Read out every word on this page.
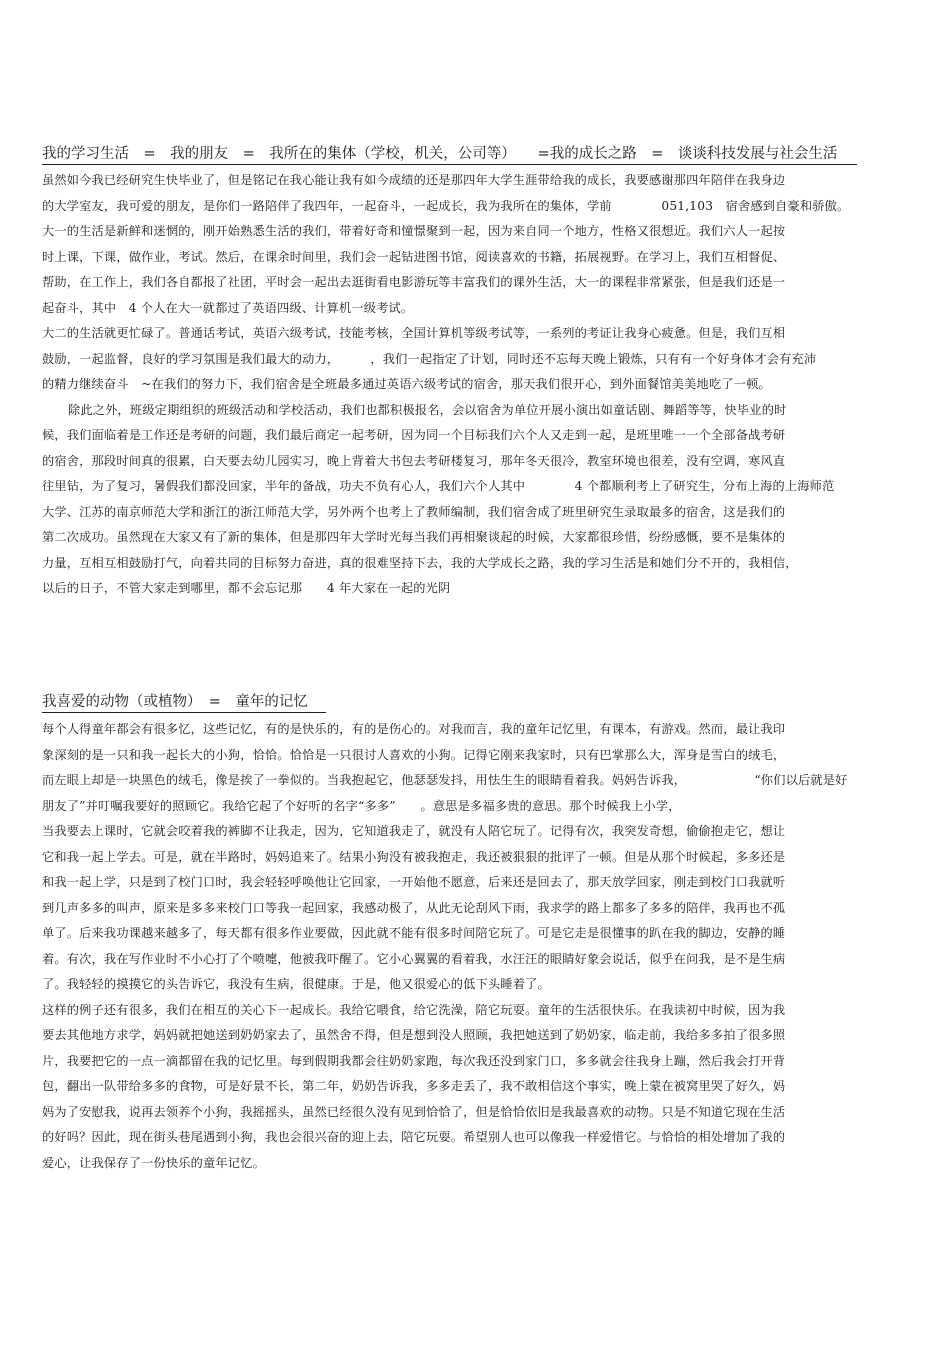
我的学习生活　=　我的朋友　=　我所在的集体（学校，机关，公司等）　　=我的成长之路　=　谈谈科技发展与社会生活
虽然如今我已经研究生快毕业了，但是铭记在我心能让我有如今成绩的还是那四年大学生涯带给我的成长，我要感谢那四年陪伴在我身边
的大学室友，我可爱的朋友，是你们一路陪伴了我四年，一起奋斗，一起成长，我为我所在的集体，学前　　　　051,103　宿舍感到自豪和骄傲。
大一的生活是新鲜和迷惘的，刚开始熟悉生活的我们，带着好奇和憧憬聚到一起，因为来自同一个地方，性格又很想近。我们六人一起按
时上课，下课，做作业，考试。然后，在课余时间里，我们会一起钻进图书馆，阅读喜欢的书籍，拓展视野。在学习上，我们互相督促、
帮助，在工作上，我们各自都报了社团，平时会一起出去逛街看电影游玩等丰富我们的课外生活，大一的课程非常紧张，但是我们还是一
起奋斗，其中　4 个人在大一就都过了英语四级、计算机一级考试。
大二的生活就更忙碌了。普通话考试，英语六级考试，技能考核，全国计算机等级考试等，一系列的考证让我身心疲惫。但是，我们互相
鼓励，一起监督，良好的学习氛围是我们最大的动力，　　　，我们一起指定了计划，同时还不忘每天晚上锻炼，只有有一个好身体才会有充沛
的精力继续奋斗　~在我们的努力下，我们宿舍是全班最多通过英语六级考试的宿舍，那天我们很开心，到外面餐馆美美地吃了一顿。
除此之外，班级定期组织的班级活动和学校活动，我们也都积极报名，会以宿舍为单位开展小演出如童话剧、舞蹈等等，快毕业的时
候，我们面临着是工作还是考研的问题，我们最后商定一起考研，因为同一个目标我们六个人又走到一起，是班里唯一一个全部备战考研
的宿舍，那段时间真的很累，白天要去幼儿园实习，晚上背着大书包去考研楼复习，那年冬天很冷，教室环境也很差，没有空调，寒风直
往里钻，为了复习，暑假我们都没回家，半年的备战，功夫不负有心人，我们六个人其中　　　　4 个都顺利考上了研究生，分布上海的上海师范
大学、江苏的南京师范大学和浙江的浙江师范大学，另外两个也考上了教师编制，我们宿舍成了班里研究生录取最多的宿舍，这是我们的
第二次成功。虽然现在大家又有了新的集体，但是那四年大学时光每当我们再相聚谈起的时候，大家都很珍惜，纷纷感慨，要不是集体的
力量，互相互相鼓励打气，向着共同的目标努力奋进，真的很难坚持下去，我的大学成长之路，我的学习生活是和她们分不开的，我相信，
以后的日子，不管大家走到哪里，都不会忘记那　　4 年大家在一起的光阴
我喜爱的动物（或植物）　=　童年的记忆
每个人得童年都会有很多忆，这些记忆，有的是快乐的，有的是伤心的。对我而言，我的童年记忆里，有课本，有游戏。然而，最让我印
象深刻的是一只和我一起长大的小狗，恰恰。恰恰是一只很讨人喜欢的小狗。记得它刚来我家时，只有巴掌那么大，浑身是雪白的绒毛，
而左眼上却是一块黑色的绒毛，像是挨了一拳似的。当我抱起它，他瑟瑟发抖，用怯生生的眼睛看着我。妈妈告诉我，　　　　　　“你们以后就是好
朋友了”并叮嘱我要好的照顾它。我给它起了个好听的名字“多多”　　。意思是多福多贵的意思。那个时候我上小学，
当我要去上课时，它就会咬着我的裤脚不让我走，因为，它知道我走了，就没有人陪它玩了。记得有次，我突发奇想，偷偷抱走它，想让
它和我一起上学去。可是，就在半路时，妈妈追来了。结果小狗没有被我抱走，我还被狠狠的批评了一顿。但是从那个时候起，多多还是
和我一起上学，只是到了校门口时，我会轻轻呼唤他让它回家，一开始他不愿意，后来还是回去了，那天放学回家，刚走到校门口我就听
到几声多多的叫声，原来是多多来校门口等我一起回家，我感动极了，从此无论刮风下雨，我求学的路上都多了多多的陪伴，我再也不孤
单了。后来我功课越来越多了，每天都有很多作业要做，因此就不能有很多时间陪它玩了。可是它走是很懂事的趴在我的脚边，安静的睡
着。有次，我在写作业时不小心打了个喷嚏，他被我吓醒了。它小心翼翼的看着我，水汪汪的眼睛好象会说话，似乎在问我，是不是生病
了。我轻轻的摸摸它的头告诉它，我没有生病，很健康。于是，他又很爱心的低下头睡着了。
这样的例子还有很多，我们在相互的关心下一起成长。我给它喂食，给它洗澡，陪它玩耍。童年的生活很快乐。在我读初中时候，因为我
要去其他地方求学，妈妈就把她送到奶奶家去了，虽然舍不得，但是想到没人照顾，我把她送到了奶奶家，临走前，我给多多拍了很多照
片，我要把它的一点一滴都留在我的记忆里。每到假期我都会往奶奶家跑，每次我还没到家门口，多多就会往我身上蹦，然后我会打开背
包，翻出一队带给多多的食物，可是好景不长，第二年，奶奶告诉我，多多走丢了，我不敢相信这个事实，晚上蒙在被窝里哭了好久，妈
妈为了安慰我，说再去领养个小狗，我摇摇头，虽然已经很久没有见到恰恰了，但是恰恰依旧是我最喜欢的动物。只是不知道它现在生活
的好吗？因此，现在街头巷尾遇到小狗，我也会很兴奋的迎上去，陪它玩耍。希望别人也可以像我一样爱惜它。与恰恰的相处增加了我的
爱心，让我保存了一份快乐的童年记忆。
